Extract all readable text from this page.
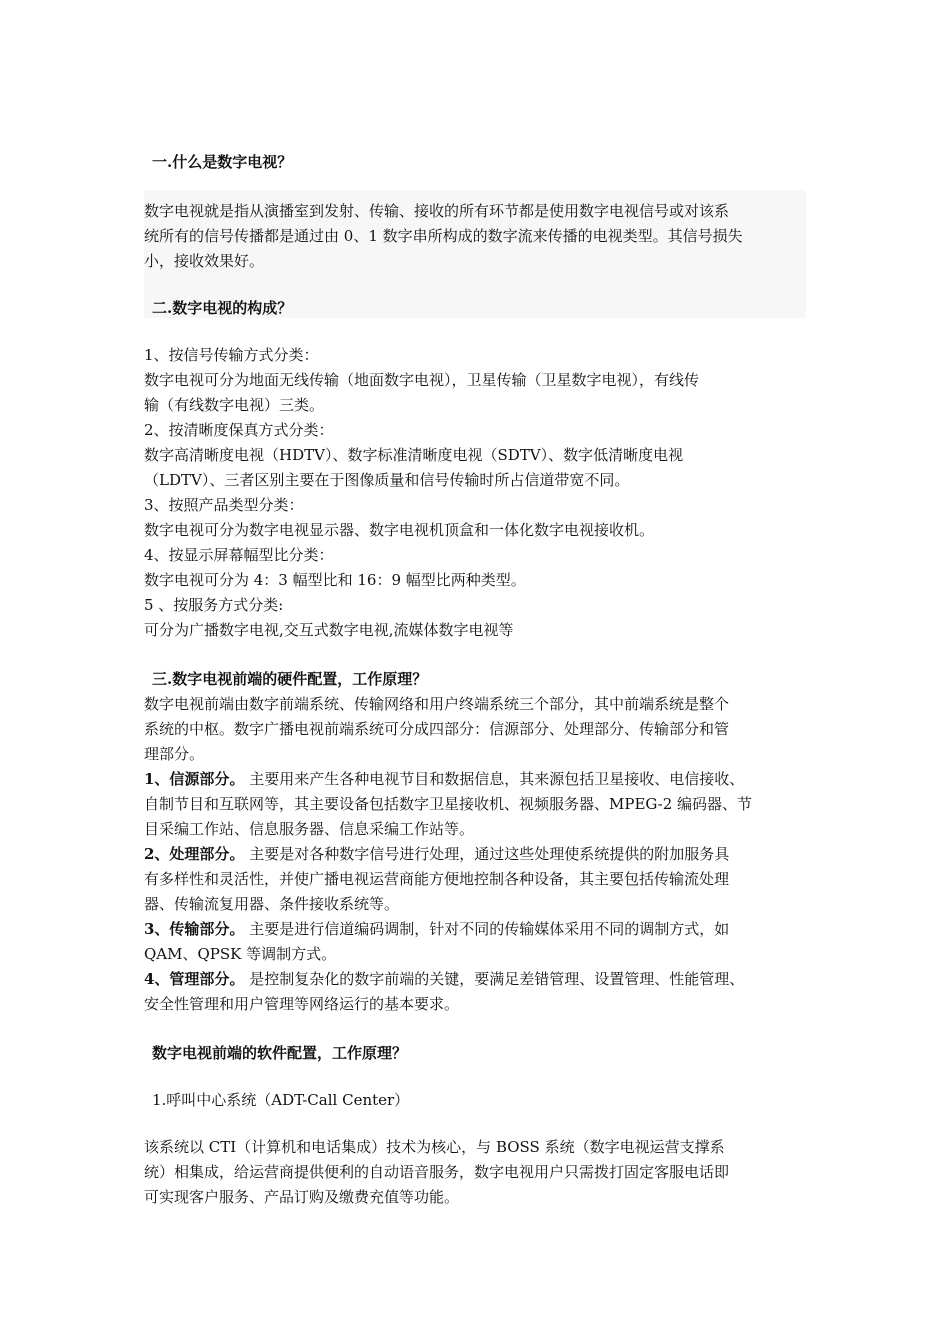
一.什么是数字电视？
数字电视就是指从演播室到发射、传输、接收的所有环节都是使用数字电视信号或对该系
统所有的信号传播都是通过由 0、1 数字串所构成的数字流来传播的电视类型。其信号损失
小，接收效果好。
二.数字电视的构成？
1、按信号传输方式分类：
数字电视可分为地面无线传输（地面数字电视），卫星传输（卫星数字电视），有线传
输（有线数字电视）三类。
2、按清晰度保真方式分类：
数字高清晰度电视（HDTV）、数字标准清晰度电视（SDTV）、数字低清晰度电视
（LDTV）、三者区别主要在于图像质量和信号传输时所占信道带宽不同。
3、按照产品类型分类：
数字电视可分为数字电视显示器、数字电视机顶盒和一体化数字电视接收机。
4、按显示屏幕幅型比分类：
数字电视可分为 4：3 幅型比和 16：9 幅型比两种类型。
5 、按服务方式分类:
可分为广播数字电视,交互式数字电视,流媒体数字电视等
三.数字电视前端的硬件配置，工作原理？
数字电视前端由数字前端系统、传输网络和用户终端系统三个部分，其中前端系统是整个
系统的中枢。数字广播电视前端系统可分成四部分：信源部分、处理部分、传输部分和管
理部分。
1、信源部分。 主要用来产生各种电视节目和数据信息，其来源包括卫星接收、电信接收、
自制节目和互联网等，其主要设备包括数字卫星接收机、视频服务器、MPEG-2 编码器、节
目采编工作站、信息服务器、信息采编工作站等。
2、处理部分。 主要是对各种数字信号进行处理，通过这些处理使系统提供的附加服务具
有多样性和灵活性，并使广播电视运营商能方便地控制各种设备，其主要包括传输流处理
器、传输流复用器、条件接收系统等。
3、传输部分。 主要是进行信道编码调制，针对不同的传输媒体采用不同的调制方式，如
QAM、QPSK 等调制方式。
4、管理部分。 是控制复杂化的数字前端的关键，要满足差错管理、设置管理、性能管理、
安全性管理和用户管理等网络运行的基本要求。
数字电视前端的软件配置，工作原理？
1.呼叫中心系统（ADT-Call Center）
该系统以 CTI（计算机和电话集成）技术为核心，与 BOSS 系统（数字电视运营支撑系
统）相集成，给运营商提供便利的自动语音服务，数字电视用户只需拨打固定客服电话即
可实现客户服务、产品订购及缴费充值等功能。
